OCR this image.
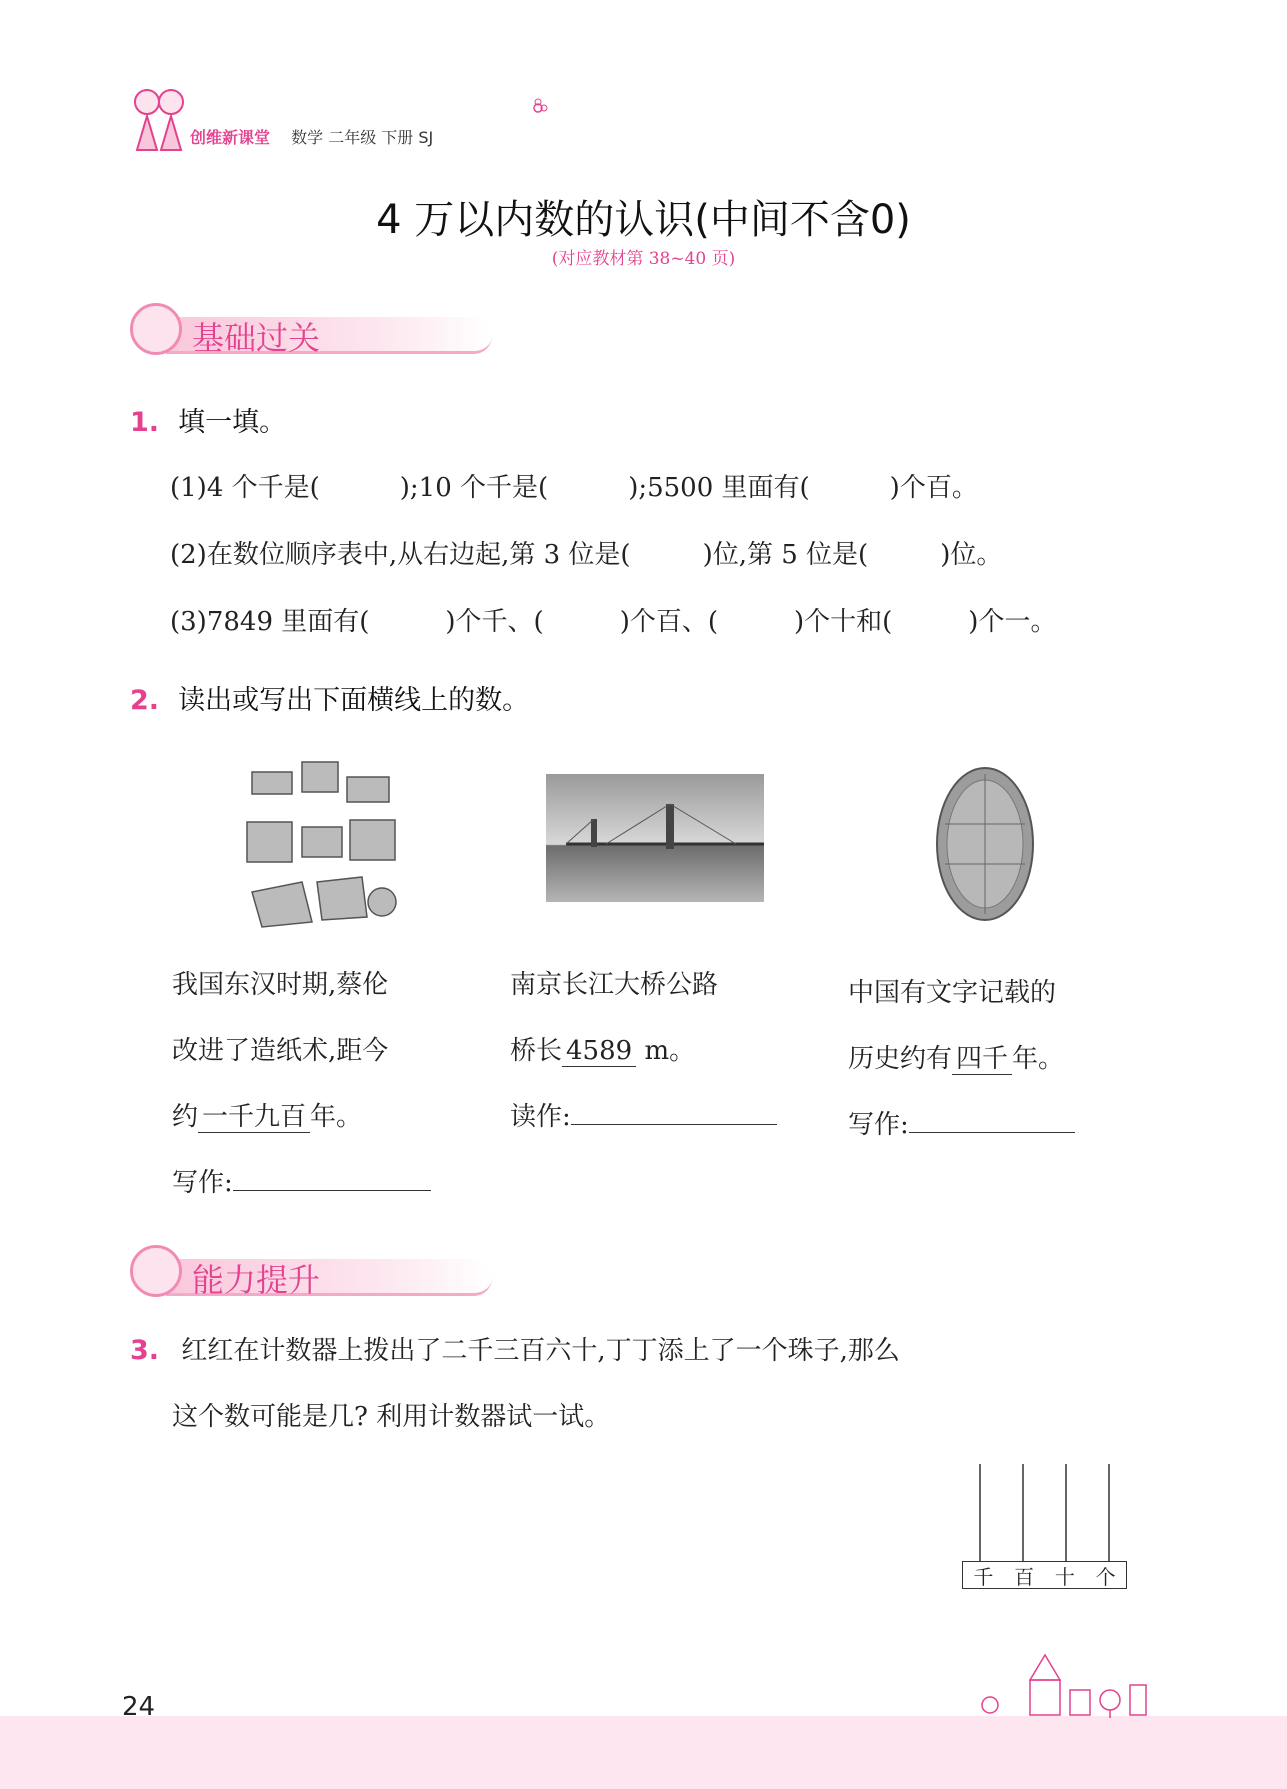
创维新课堂 数学 二年级 下册 SJ
4 万以内数的认识(中间不含0)
(对应教材第 38~40 页)
基础过关
1. 填一填。
(1)4 个千是(	);10 个千是(	);5500 里面有(	)个百。
(2)在数位顺序表中,从右边起,第 3 位是(	)位,第 5 位是(	)位。
(3)7849 里面有(	)个千、(	)个百、(	)个十和(	)个一。
2. 读出或写出下面横线上的数。
我国东汉时期,蔡伦
改进了造纸术,距今
约 一千九百 年。
写作:
南京长江大桥公路
桥长 4589 m。
读作:
中国有文字记载的
历史约有 四千 年。
写作:
能力提升
3. 红红在计数器上拨出了二千三百六十,丁丁添上了一个珠子,那么
这个数可能是几? 利用计数器试一试。
千 百 十 个
24
